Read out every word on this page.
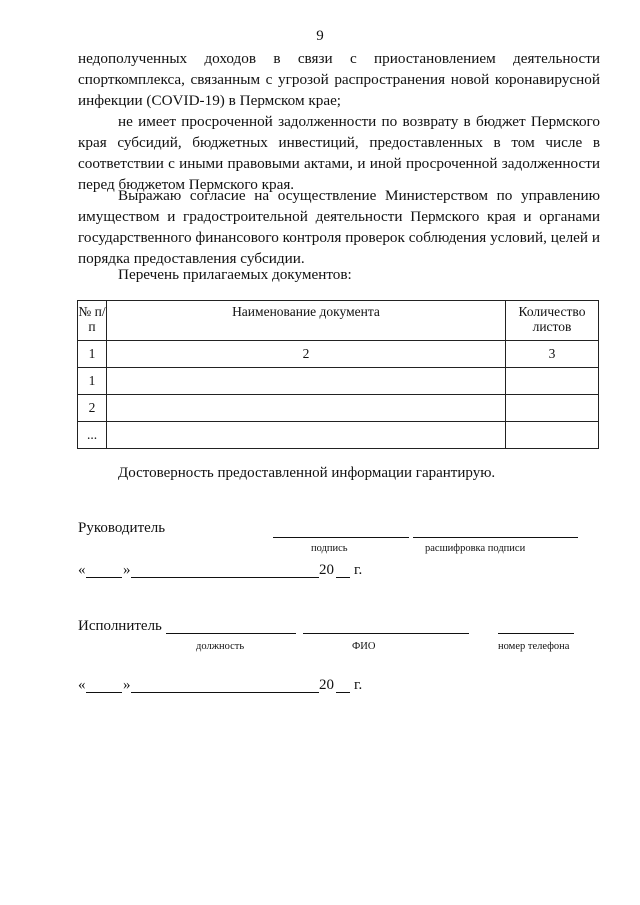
9

недополученных доходов в связи с приостановлением деятельности спорткомплекса, связанным с угрозой распространения новой коронавирусной инфекции (COVID-19) в Пермском крае;

не имеет просроченной задолженности по возврату в бюджет Пермского края субсидий, бюджетных инвестиций, предоставленных в том числе в соответствии с иными правовыми актами, и иной просроченной задолженности перед бюджетом Пермского края.

Выражаю согласие на осуществление Министерством по управлению имуществом и градостроительной деятельности Пермского края и органами государственного финансового контроля проверок соблюдения условий, целей и порядка предоставления субсидии.

Перечень прилагаемых документов:

№ п/п	Наименование документа	Количество листов
1	2	3
1		
2		
...		
Достоверность предоставленной информации гарантирую.
Руководитель
подпись	расшифровка подписи
«	»	20 г.
Исполнитель
должность	ФИО	номер телефона
«	»	20 г.
